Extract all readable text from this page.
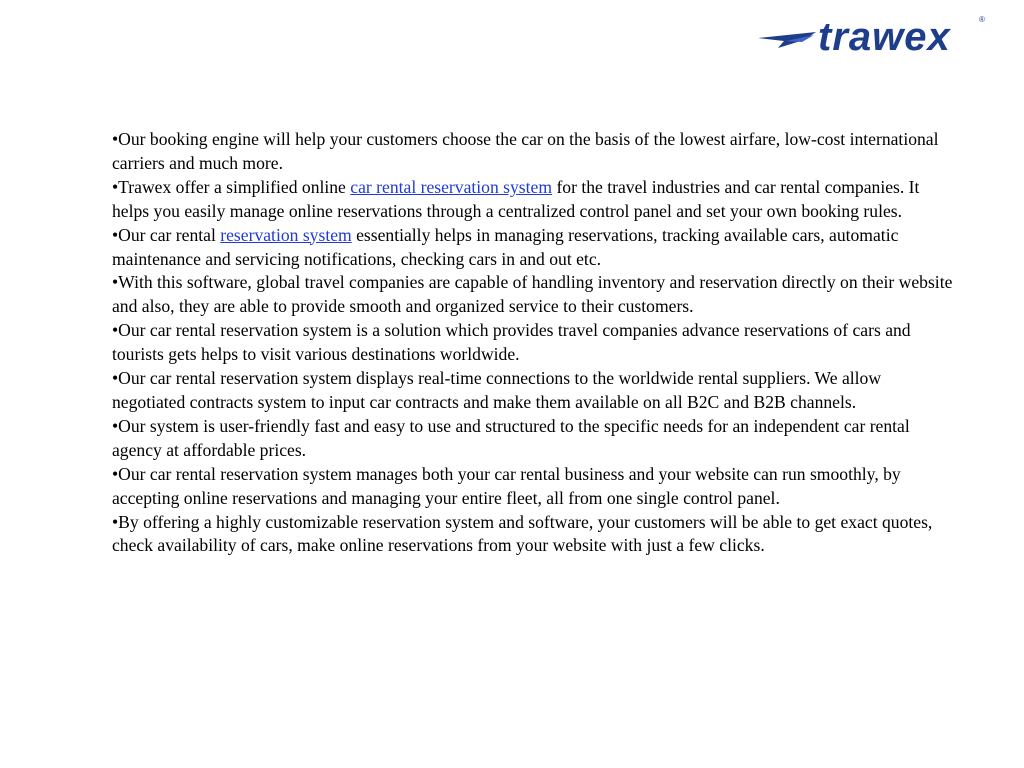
trawex	®

•Our booking engine will help your customers choose the car on the basis of the lowest airfare, low-cost international carriers and much more.

•Trawex offer a simplified online car rental reservation system for the travel industries and car rental companies. It helps you easily manage online reservations through a centralized control panel and set your own booking rules.

•Our car rental reservation system essentially helps in managing reservations, tracking available cars, automatic maintenance and servicing notifications, checking cars in and out etc.

•With this software, global travel companies are capable of handling inventory and reservation directly on their website and also, they are able to provide smooth and organized service to their customers.

•Our car rental reservation system is a solution which provides travel companies advance reservations of cars and tourists gets helps to visit various destinations worldwide.

•Our car rental reservation system displays real-time connections to the worldwide rental suppliers. We allow negotiated contracts system to input car contracts and make them available on all B2C and B2B channels.

•Our system is user-friendly fast and easy to use and structured to the specific needs for an independent car rental agency at affordable prices.

•Our car rental reservation system manages both your car rental business and your website can run smoothly, by accepting online reservations and managing your entire fleet, all from one single control panel.

•By offering a highly customizable reservation system and software, your customers will be able to get exact quotes, check availability of cars, make online reservations from your website with just a few clicks.
